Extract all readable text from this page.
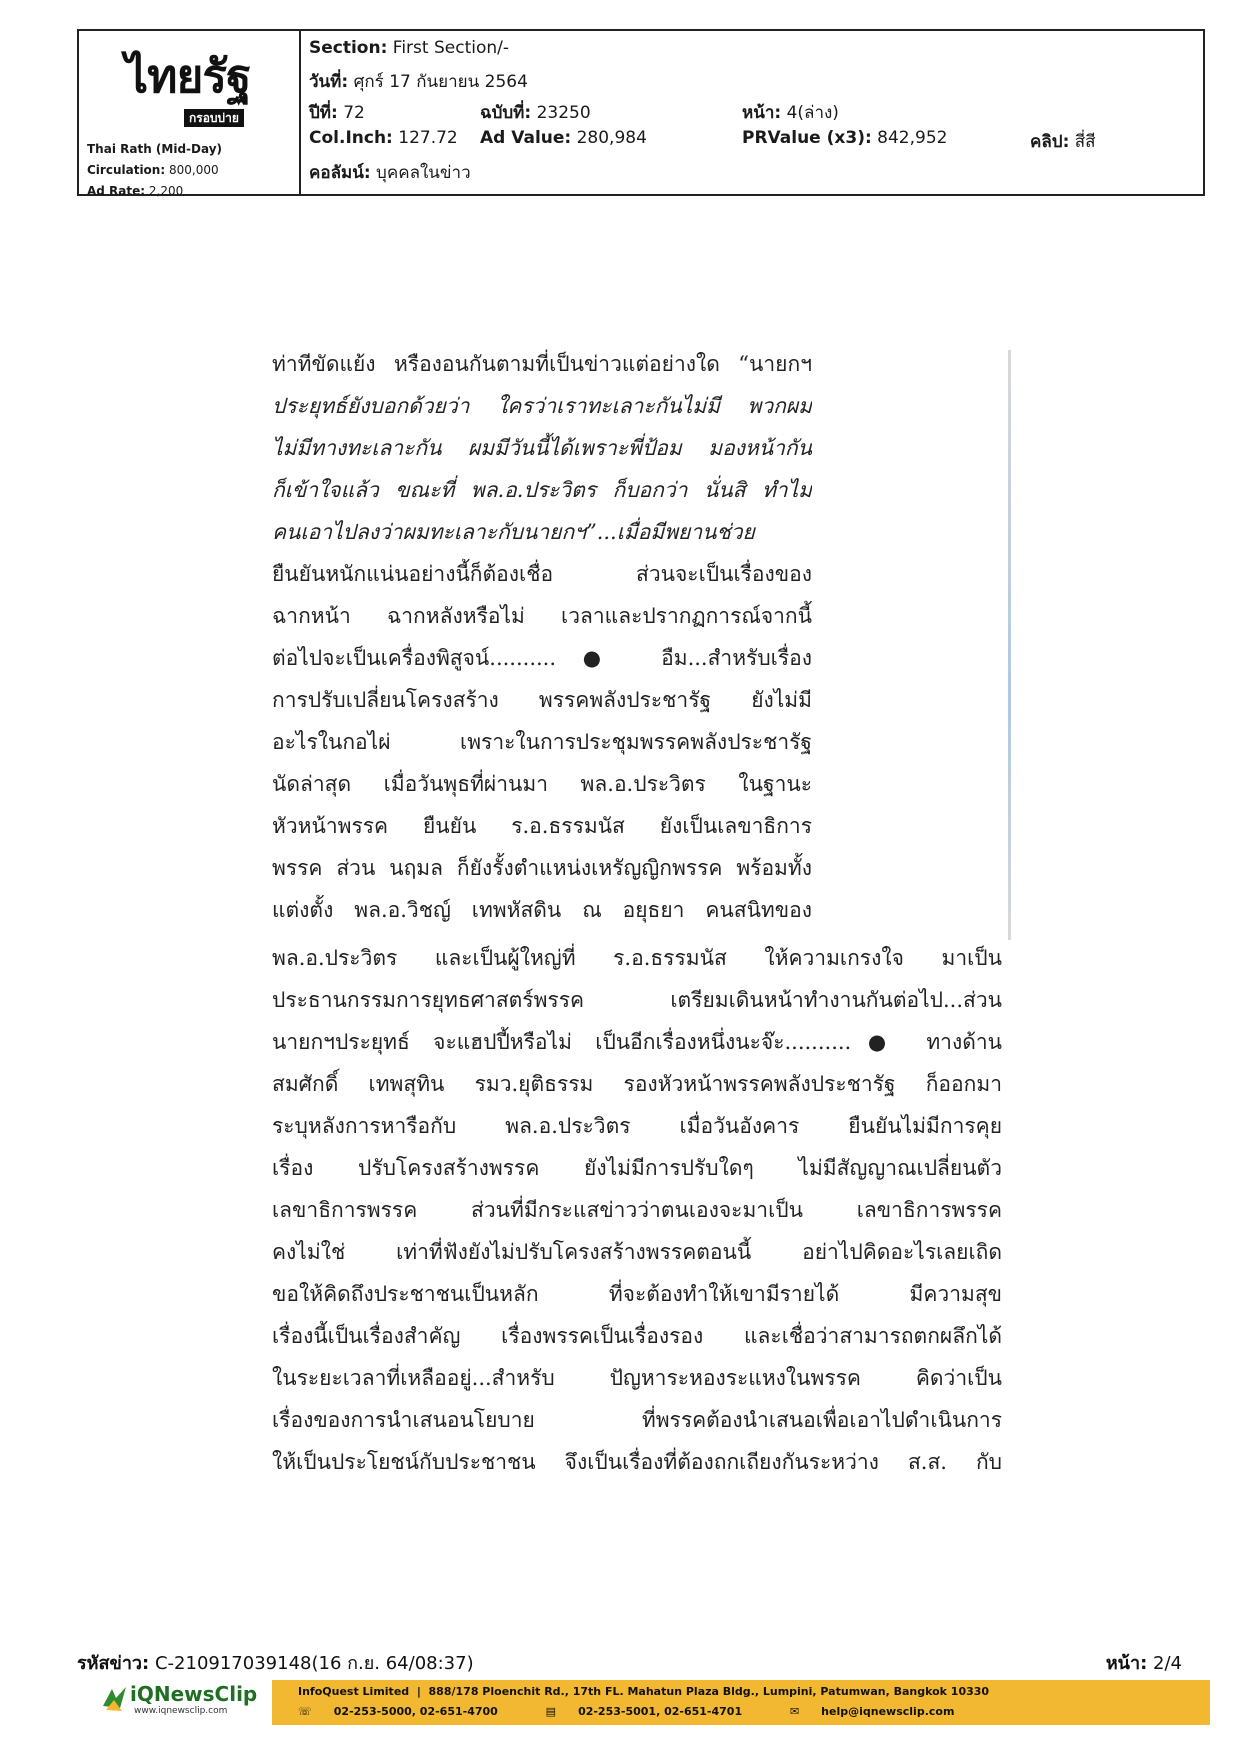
ไทยรัฐ
กรอบบ่าย
Thai Rath (Mid-Day)
Circulation: 800,000
Ad Rate: 2,200
Section: First Section/-
วันที่: ศุกร์ 17 กันยายน 2564
ปีที่: 72	ฉบับที่: 23250	หน้า: 4(ล่าง)
Col.Inch: 127.72 Ad Value: 280,984	PRValue (x3): 842,952	คลิป: สี่สี
คอลัมน์: บุคคลในข่าว
ท่าทีขัดแย้ง หรืองอนกันตามที่เป็นข่าวแต่อย่างใด “นายกฯ
ประยุทธ์ยังบอกด้วยว่า ใครว่าเราทะเลาะกันไม่มี พวกผม
ไม่มีทางทะเลาะกัน ผมมีวันนี้ได้เพราะพี่ป้อม มองหน้ากัน
ก็เข้าใจแล้ว ขณะที่ พล.อ.ประวิตร ก็บอกว่า นั่นสิ ทำไม
คนเอาไปลงว่าผมทะเลาะกับนายกฯ”...เมื่อมีพยานช่วย
ยืนยันหนักแน่นอย่างนี้ก็ต้องเชื่อ ส่วนจะเป็นเรื่องของ
ฉากหน้า ฉากหลังหรือไม่ เวลาและปรากฏการณ์จากนี้
ต่อไปจะเป็นเครื่องพิสูจน์..........● อืม...สำหรับเรื่อง
การปรับเปลี่ยนโครงสร้าง พรรคพลังประชารัฐ ยังไม่มี
อะไรในกอไผ่ เพราะในการประชุมพรรคพลังประชารัฐ
นัดล่าสุด เมื่อวันพุธที่ผ่านมา พล.อ.ประวิตร ในฐานะ
หัวหน้าพรรค ยืนยัน ร.อ.ธรรมนัส ยังเป็นเลขาธิการ
พรรค ส่วน นฤมล ก็ยังรั้งตำแหน่งเหรัญญิกพรรค พร้อมทั้ง
แต่งตั้ง พล.อ.วิชญ์ เทพหัสดิน ณ อยุธยา คนสนิทของ
พล.อ.ประวิตร และเป็นผู้ใหญ่ที่ ร.อ.ธรรมนัส ให้ความเกรงใจ มาเป็น
ประธานกรรมการยุทธศาสตร์พรรค เตรียมเดินหน้าทำงานกันต่อไป...ส่วน
นายกฯประยุทธ์ จะแฮปปี้หรือไม่ เป็นอีกเรื่องหนึ่งนะจ๊ะ..........● ทางด้าน
สมศักดิ์ เทพสุทิน รมว.ยุติธรรม รองหัวหน้าพรรคพลังประชารัฐ ก็ออกมา
ระบุหลังการหารือกับ พล.อ.ประวิตร เมื่อวันอังคาร ยืนยันไม่มีการคุย
เรื่อง ปรับโครงสร้างพรรค ยังไม่มีการปรับใดๆ ไม่มีสัญญาณเปลี่ยนตัว
เลขาธิการพรรค ส่วนที่มีกระแสข่าวว่าตนเองจะมาเป็น เลขาธิการพรรค
คงไม่ใช่ เท่าที่ฟังยังไม่ปรับโครงสร้างพรรคตอนนี้ อย่าไปคิดอะไรเลยเถิด
ขอให้คิดถึงประชาชนเป็นหลัก ที่จะต้องทำให้เขามีรายได้ มีความสุข
เรื่องนี้เป็นเรื่องสำคัญ เรื่องพรรคเป็นเรื่องรอง และเชื่อว่าสามารถตกผลึกได้
ในระยะเวลาที่เหลืออยู่...สำหรับ ปัญหาระหองระแหงในพรรค คิดว่าเป็น
เรื่องของการนำเสนอนโยบาย ที่พรรคต้องนำเสนอเพื่อเอาไปดำเนินการ
ให้เป็นประโยชน์กับประชาชน จึงเป็นเรื่องที่ต้องถกเถียงกันระหว่าง ส.ส. กับ
รหัสข่าว: C-210917039148(16 ก.ย. 64/08:37)	หน้า: 2/4
iQNewsClip
www.iqnewsclip.com
InfoQuest Limited  |  888/178 Ploenchit Rd., 17th FL. Mahatun Plaza Bldg., Lumpini, Patumwan, Bangkok 10330
☏ 02-253-5000, 02-651-4700	▤ 02-253-5001, 02-651-4701	✉ help@iqnewsclip.com
